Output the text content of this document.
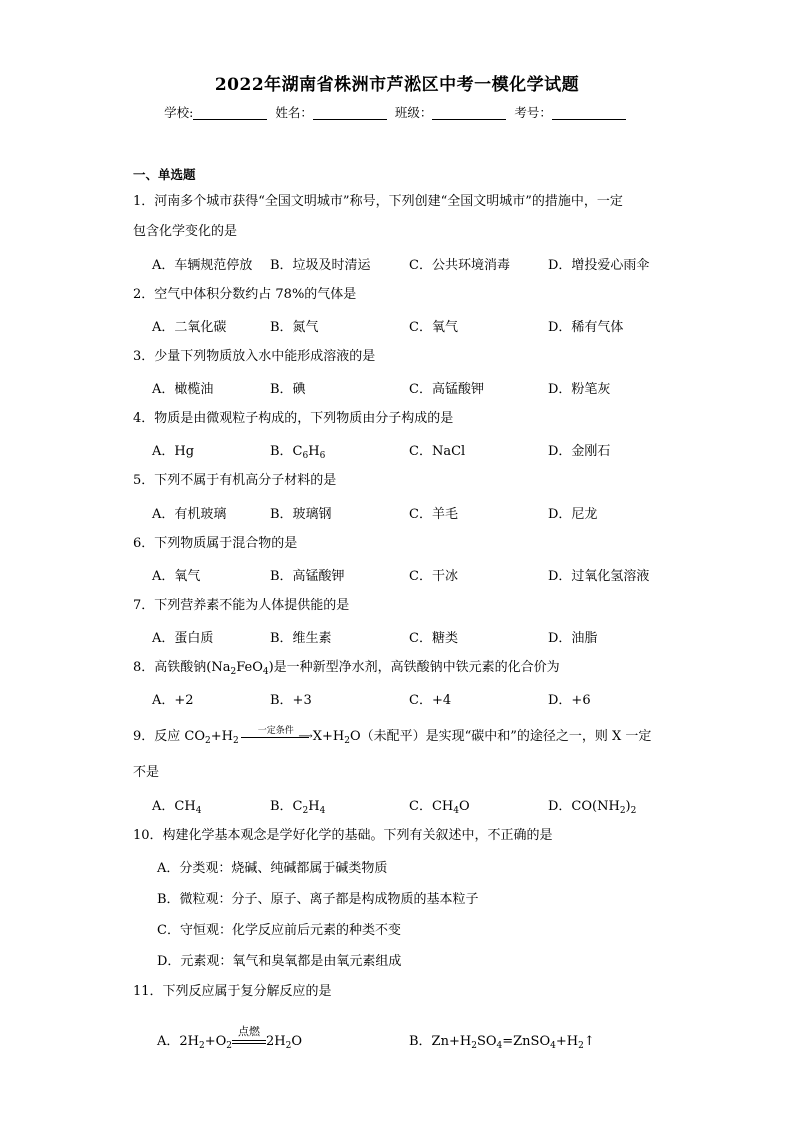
2022年湖南省株洲市芦淞区中考一模化学试题
学校:	姓名：	班级：	考号：
一、单选题
1．河南多个城市获得“全国文明城市”称号，下列创建“全国文明城市”的措施中，一定
包含化学变化的是
A．车辆规范停放 B．垃圾及时清运	C．公共环境消毒	D．增投爱心雨伞
2．空气中体积分数约占 78%的气体是
A．二氧化碳	B．氮气	C．氧气	D．稀有气体
3．少量下列物质放入水中能形成溶液的是
A．橄榄油	B．碘	C．高锰酸钾	D．粉笔灰
4．物质是由微观粒子构成的，下列物质由分子构成的是
A．Hg	B．$C_6H_6$	C．NaCl	D．金刚石
5．下列不属于有机高分子材料的是
A．有机玻璃	B．玻璃钢	C．羊毛	D．尼龙
6．下列物质属于混合物的是
A．氧气	B．高锰酸钾	C．干冰	D．过氧化氢溶液
7．下列营养素不能为人体提供能的是
A．蛋白质	B．维生素	C．糖类	D．油脂
8．高铁酸钠$(Na_2FeO_4)$是一种新型净水剂，高铁酸钠中铁元素的化合价为
A．+2	B．+3	C．+4	D．+6
9．反应 $CO_2+H_2$
一定条件 ⟶ $X+H_2O$（未配平）是实现“碳中和”的途径之一，则 X 一定
不是
A．$CH_4$	B．$C_2H_4$	C．$CH_4O$	D．$CO(NH_2)_2$
10．构建化学基本观念是学好化学的基础。下列有关叙述中，不正确的是
A．分类观：烧碱、纯碱都属于碱类物质
B．微粒观：分子、原子、离子都是构成物质的基本粒子
C．守恒观：化学反应前后元素的种类不变
D．元素观：氧气和臭氧都是由氧元素组成
11．下列反应属于复分解反应的是
A．$2H_2+O_2$
点燃
$2H_2O$	B．$Zn+H_2SO_4=ZnSO_4+H_2↑$
